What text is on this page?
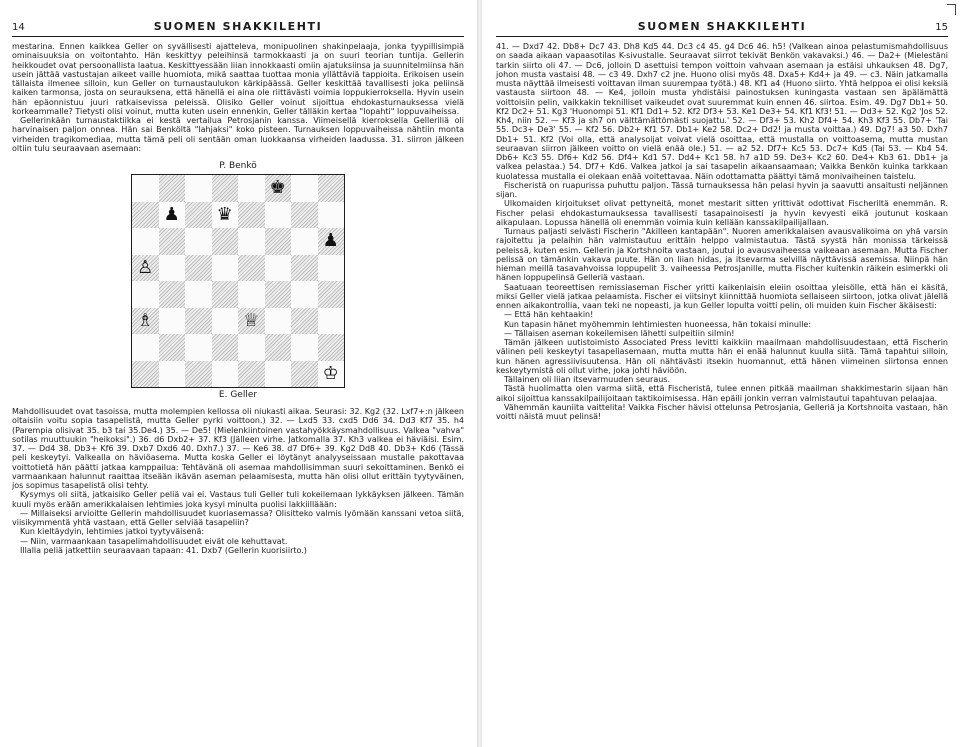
14	SUOMEN SHAKKILEHTI

mestarina. Ennen kaikkea Geller on syvällisesti ajatteleva, monipuolinen shakinpelaaja, jonka tyypillisimpiä ominaisuuksia on voitontahto. Hän keskittyy peleihinsä tarmokkaasti ja on suuri teorian tuntija. Gellerin heikkoudet ovat persoonallista laatua. Keskittyessään liian innokkaasti omiin ajatuksiinsa ja suunnitelmiinsa hän usein jättää vastustajan aikeet vaille huomiota, mikä saattaa tuottaa monia yllättäviä tappioita. Erikoisen usein tällaista ilmenee silloin, kun Geller on turnaustaulukon kärkipäässä. Geller keskittää tavallisesti joka peliinsä kaiken tarmonsa, josta on seurauksena, että hänellä ei aina ole riittävästi voimia loppukierroksella. Hyvin usein hän epäonnistuu juuri ratkaisevissa peleissä. Olisiko Geller voinut sijoittua ehdokasturnauksessa vielä korkeammalle? Tietysti olisi voinut, mutta kuten usein ennenkin, Geller tälläkin kertaa "lopahti" loppuvaiheissa.

Gellerinkään turnaustaktiikka ei kestä vertailua Petrosjanin kanssa. Viimeisellä kierroksella Gelleriliä oli harvinaisen paljon onnea. Hän sai Benköltä "lahjaksi" koko pisteen. Turnauksen loppuvaiheissa nähtiin monta virheiden tragikomediaa, mutta tämä peli oli sentään oman luokkaansa virheiden laadussa. 31. siirron jälkeen oltiin tulu seuraavaan asemaan:

P. Benkö
♚
♟ ♛
♟
♙
♗	♕
♔
E. Geller

Mahdollisuudet ovat tasoissa, mutta molempien kellossa oli niukasti aikaa. Seurasi: 32. Kg2 (32. Lxf7+:n jälkeen oltaisiin voitu sopia tasapelistä, mutta Geller pyrki voittoon.) 32. — Lxd5 33. cxd5 Dd6 34. Dd3 Kf7 35. h4 (Parempia olisivat 35. b3 tai 35.De4.) 35. — De5! (Mielenkiintoinen vastahyökkäysmahdollisuus. Valkea "vahva" sotilas muuttuukin "heikoksi".) 36. d6 Dxb2+ 37. Kf3 (Jälleen virhe. Jatkomalla 37. Kh3 valkea ei häviäisi. Esim. 37. — Dd4 38. Db3+ Kf6 39. Dxb7 Dxd6 40. Dxh7.) 37. — Ke6 38. d7 Df6+ 39. Kg2 Dd8 40. Db3+ Kd6 (Tässä peli keskeytyi. Valkealla on häviöasema. Mutta koska Geller ei löytänyt analyyseissaan mustalle pakottavaa voittotietä hän päätti jatkaa kamppailua: Tehtävänä oli asemaa mahdollisimman suuri sekoittaminen. Benkö ei varmaankaan halunnut raaittaa itseään ikävän aseman pelaamisesta, mutta hän olisi ollut erittäin tyytyväinen, jos sopimus tasapelistä olisi tehty.

Kysymys oli siitä, jatkaisiko Geller peliä vai ei. Vastaus tuli Geller tuli kokeilemaan lykkäyksen jälkeen. Tämän kuuli myös erään amerikkalaisen lehtimies joka kysyi minulta puolisi lakkiilläään:

— Millaiseksi arvioitte Gellerin mahdollisuudet kuoriasemassa? Olisittеko valmis lyömään kanssani vetoa siitä, viisikymmentä yhtä vastaan, että Geller selviää tasapeliin?

Kun kieltäydyin, lehtimies jatkoi tyytyväisenä:

— Niin, varmaankaan tasapelimahdollisuudet eivät ole kehuttavat.

Illalla peliä jatkettiin seuraavaan tapaan: 41. Dxb7 (Gellerin kuorisiirto.)

SUOMEN SHAKKILEHTI	15

41. — Dxd7 42. Db8+ Dc7 43. Dh8 Kd5 44. Dc3 c4 45. g4 Dc6 46. h5! (Valkean ainoa pelastumismahdollisuus on saada aikaan vapaasotilas K-sivustalle. Seuraavat siirrot tekivät Benkön vakavaksi.) 46. — Da2+ (Mielestäni tarkin siirto oli 47. — Dc6, jolloin D asettuisi tempon voittoin vahvaan asemaan ja estäisi uhkauksen 48. Dg7, johon musta vastaisi 48. — c3 49. Dxh7 c2 jne. Huono olisi myös 48. Dxa5+ Kd4+ ja 49. — c3. Näin jatkamalla musta näyttää ilmeisesti voittavan ilman suurempaa työtä.) 48. Kf1 a4 (Huono siirto. Yhtä helppoa ei olisi keksiä vastausta siirtoon 48. — Ke4, jolloin musta yhdistäisi painostuksen kuningasta vastaan sen äpälämättä voittoisiin pelin, vaikkakin teknilliset vaikeudet ovat suuremmat kuin ennen 46. siirtoa. Esim. 49. Dg7 Db1+ 50. Kf2 Dc2+ 51. Kg3 'Huonompi 51. Kf1 Dd1+ 52. Kf2 Df3+ 53. Ke1 De3+ 54. Kf1 Kf3! 51. — Dd3+ 52. Kg2 'Jos 52. Kh4, niin 52. — Kf3 ja sh7 on välttämättömästi suojattu.' 52. — Df3+ 53. Kh2 Df4+ 54. Kh3 Kf3 55. Db7+ 'Tai 55. Dc3+ De3' 55. — Kf2 56. Db2+ Kf1 57. Db1+ Ke2 58. Dc2+ Dd2! ja musta voittaa.) 49. Dg7! a3 50. Dxh7 Db1+ 51. Kf2 (Voi olla, että analysoijat voivat vielä osoittaa, että mustalla on voittoasema, mutta mustan seuraavan siirron jälkeen voitto on vielä enää ole.) 51. — a2 52. Df7+ Kc5 53. Dc7+ Kd5 (Tai 53. — Kb4 54. Db6+ Kc3 55. Df6+ Kd2 56. Df4+ Kd1 57. Dd4+ Kc1 58. h7 a1D 59. De3+ Kc2 60. De4+ Kb3 61. Db1+ ja valkea pelastaa.) 54. Df7+ Kd6. Valkea jatkoi ja sai tasapelin aikaansaamaan; Vaikka Benkön kuinka tarkkaan kuolatessa mustalla ei olekaan enää voitettavaa. Näin odottamatta päättyi tämä monivaiheinen taistelu.

Fischeristä on ruapurissa puhuttu paljon. Tässä turnauksessa hän pelasi hyvin ja saavutti ansaitusti neljännen sijan.

Ulkomaiden kirjoitukset olivat pettyneitä, monet mestarit sitten yrittivät odottivat Fischeriltä enemmän. R. Fischer pelasi ehdokasturnauksessa tavallisesti tasapainoisesti ja hyvin kevyesti eikä joutunut koskaan aikapulaan. Lopussa hänellä oli enemmän voimia kuin kellään kanssakilpailijallaan.

Turnaus paljasti selvästi Fischerin "Akilleen kantapään". Nuoren amerikkalaisen avausvalikoima on yhä varsin rajoitettu ja pelaihin hän valmistautuu erittäin helppo valmistautua. Tästä syystä hän monissa tärkeissä peleissä, kuten esim. Gellerin ja Kortshnoita vastaan, joutui jo avausvaiheessa vaikeaan asemaan. Mutta Fischer pelissä on tämänkin vakava puute. Hän on liian hidas, ja itsevarma selvillä näyttävissä asemissa. Niinpä hän hieman meillä tasavahvoissa loppupelit 3. vaiheessa Petrosjanille, mutta Fischer kuitenkin räikein esimerkki oli hänen loppupelinsä Gelleriä vastaan.

Saatuaan teoreettisen remissiaseman Fischer yritti kaikenlaisin eleiin osoittaa yleisölle, että hän ei käsitä, miksi Geller vielä jatkaa pelaamista. Fischer ei viitsinyt kiinnittää huomiota sellaiseen siirtoon, jotka olivat jälellä ennen aikakontrollia, vaan teki ne nopeasti, ja kun Geller lopulta voitti pelin, oli muiden kuin Fischer äkäisesti:

— Että hän kehtaakin!

Kun tapasin hänet myöhemmin lehtimiesten huoneessa, hän tokaisi minulle:

— Tällaisen aseman kokeilemisen lähetti sulpeitiin silmin!

Tämän jälkeen uutistoimisto Associated Press levitti kaikkiin maailmaan mahdollisuudestaan, että Fischerin välinen peli keskeytyi tasapeliasemaan, mutta mutta hän ei enää halunnut kuulla siitä. Tämä tapahtui silloin, kun hänen agressiivisuutensa. Hän oli nähtävästi itsekin huomannut, että hänen viimeinen siirtonsa ennen keskeytymistä oli ollut virhe, joka johti häviöön.

Tällainen oli liian itsevarmuuden seuraus.

Tästä huolimatta olen varma siitä, että Fischeristä, tulee ennen pitkää maailman shakkimestarin sijaan hän aikoi sijoittua kanssakilpailijoitaan taktikoimisessa. Hän epäili jonkin verran valmistautui tapahtuvan pelaajaa.

Vähemmän kauniita vaittelita! Vaikka Fischer hävisi ottelunsa Petrosjania, Gelleriä ja Kortshnoita vastaan, hän voitti näistä muut pelinsä!
